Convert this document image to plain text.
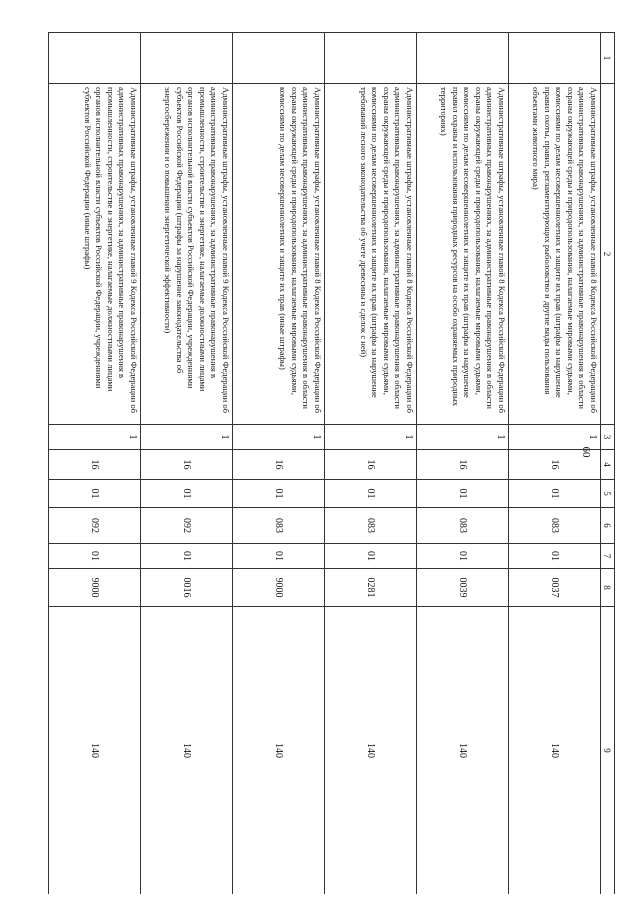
60
1	2	3	4	5	6	7	8	9
	Административные штрафы, установленные главой 8 Кодекса Российской Федерации об административных правонарушениях, за административные правонарушения в области охраны окружающей среды и природопользования, налагаемые мировыми судьями, комиссиями по делам несовершеннолетних и защите их прав (штрафы за нарушение правил охоты, правил, регламентирующих рыболовство и другие виды пользования объектами животного мира)	1	16	01	083	01	0037	140
	Административные штрафы, установленные главой 8 Кодекса Российской Федерации об административных правонарушениях, за административные правонарушения в области охраны окружающей среды и природопользования, налагаемые мировыми судьями, комиссиями по делам несовершеннолетних и защите их прав (штрафы за нарушение правил охраны и использования природных ресурсов на особо охраняемых природных территориях)	1	16	01	083	01	0039	140
	Административные штрафы, установленные главой 8 Кодекса Российской Федерации об административных правонарушениях, за административные правонарушения в области охраны окружающей среды и природопользования, налагаемые мировыми судьями, комиссиями по делам несовершеннолетних и защите их прав (штрафы за нарушение требований лесного законодательства об учете древесины и сделок с ней)	1	16	01	083	01	0281	140
	Административные штрафы, установленные главой 8 Кодекса Российской Федерации об административных правонарушениях, за административные правонарушения в области охраны окружающей среды и природопользования, налагаемые мировыми судьями, комиссиями по делам несовершеннолетних и защите их прав (иные штрафы)	1	16	01	083	01	9000	140
	Административные штрафы, установленные главой 9 Кодекса Российской Федерации об административных правонарушениях, за административные правонарушения в промышленности, строительстве и энергетике, налагаемые должностными лицами органов исполнительной власти субъектов Российской Федерации, учреждениями субъектов Российской Федерации (штрафы за нарушение законодательства об энергосбережении и о повышении энергетической эффективности)	1	16	01	092	01	0016	140
	Административные штрафы, установленные главой 9 Кодекса Российской Федерации об административных правонарушениях, за административные правонарушения в промышленности, строительстве и энергетике, налагаемые должностными лицами органов исполнительной власти субъектов Российской Федерации, учреждениями субъектов Российской Федерации (иные штрафы)	1	16	01	092	01	9000	140
